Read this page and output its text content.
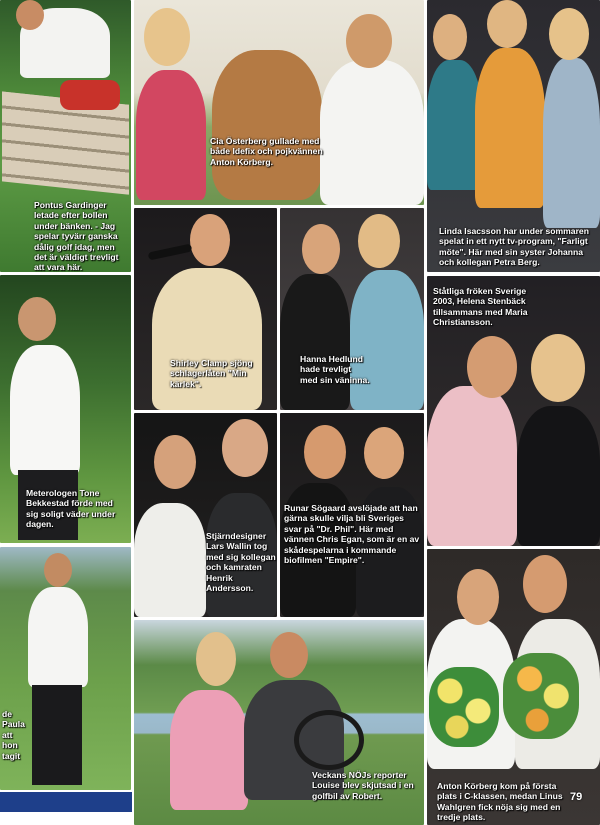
Pontus Gardinger letade efter bollen under bänken. - Jag spelar tyvärr ganska dålig golf idag, men det är väldigt trevligt att vara här.
Meterologen Tone Bekkestad förde med sig soligt väder under dagen.
de Paula att hon tagit
Cia Österberg gullade med både Idefix och pojkvännen Anton Körberg.
Linda Isacsson har under sommaren spelat in ett nytt tv-program, "Farligt möte". Här med sin syster Johanna och kollegan Petra Berg.
Shirley Clamp sjöng schlagerlåten "Min kärlek".
Hanna Hedlund hade trevligt med sin väninna.
Ståtliga fröken Sverige 2003, Helena Stenbäck tillsammans med Maria Christiansson.
Stjärndesigner Lars Wallin tog med sig kollegan och kamraten Henrik Andersson.
Runar Sögaard avslöjade att han gärna skulle vilja bli Sveriges svar på "Dr. Phil". Här med vännen Chris Egan, som är en av skådespelarna i kommande biofilmen "Empire".
Veckans NÖJs reporter Louise blev skjutsad i en golfbil av Robert.
Anton Körberg kom på första plats i C-klassen, medan Linus Wahlgren fick nöja sig med en tredje plats.
79
